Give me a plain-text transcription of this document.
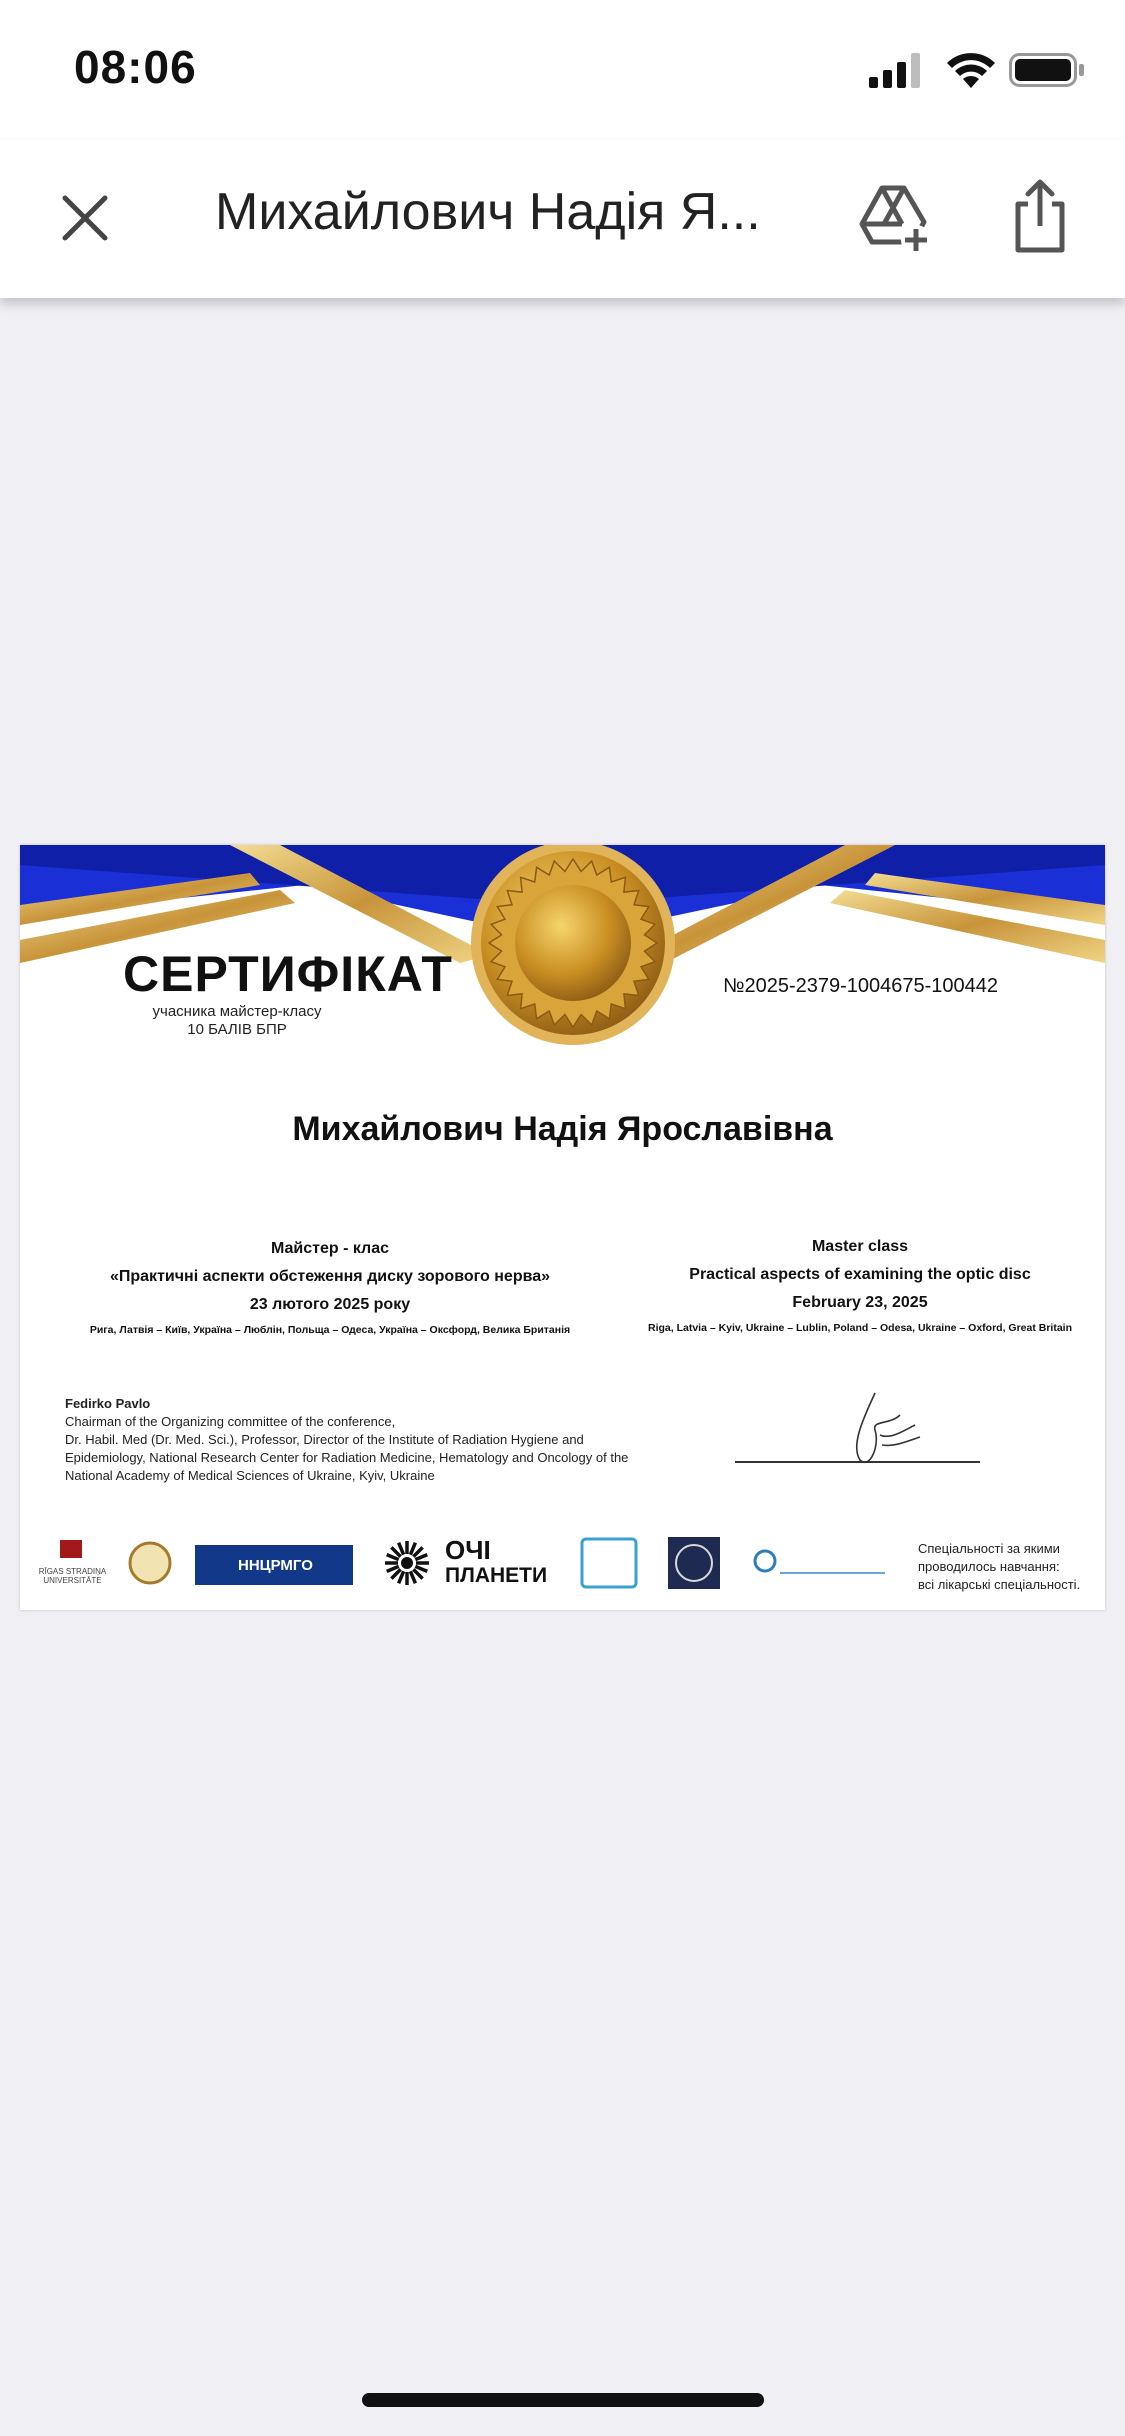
08:06
Михайлович Надія Я...
СЕРТИФІКАТ
учасника майстер-класу
10 БАЛІВ БПР
№2025-2379-1004675-100442
Михайлович Надія Ярославівна
Майстер - клас
«Практичні аспекти обстеження диску зорового нерва»
23 лютого 2025 року
Рига, Латвія – Київ, Україна – Люблін, Польща – Одеса, Україна – Оксфорд, Велика Британія
Master class
Practical aspects of examining the optic disc
February 23, 2025
Riga, Latvia – Kyiv, Ukraine – Lublin, Poland – Odesa, Ukraine – Oxford, Great Britain
Fedirko Pavlo
Chairman of the Organizing committee of the conference,
Dr. Habil. Med (Dr. Med. Sci.), Professor, Director of the Institute of Radiation Hygiene and
Epidemiology, National Research Center for Radiation Medicine, Hematology and Oncology of the
National Academy of Medical Sciences of Ukraine, Kyiv, Ukraine
RĪGAS STRADIŅA UNIVERSITĀTE
ННЦРМГО
ОЧІ
ПЛАНЕТИ
Спеціальності за якими
проводилось навчання:
всі лікарські спеціальності.
